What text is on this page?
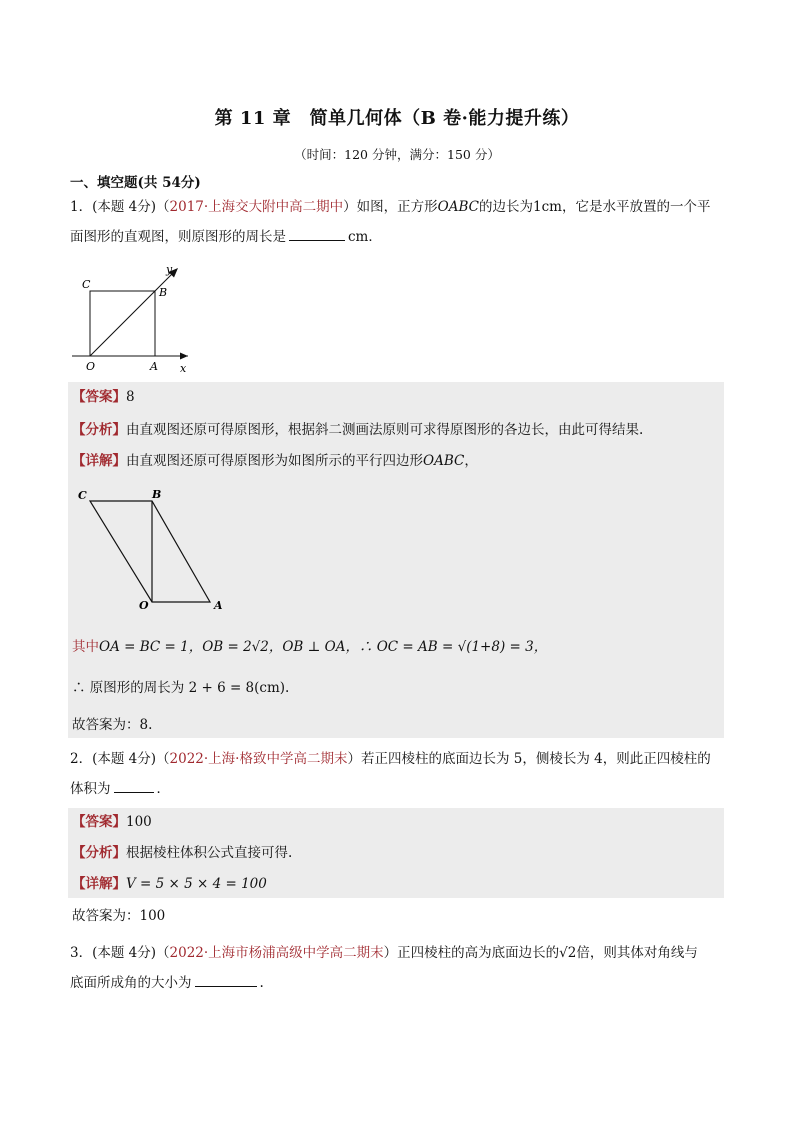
第 11 章　简单几何体（B 卷·能力提升练）
（时间：120 分钟，满分：150 分）
一、填空题(共 54分)
1．(本题 4分)（2017·上海交大附中高二期中）如图，正方形OABC的边长为1cm，它是水平放置的一个平
面图形的直观图，则原图形的周长是	cm．
C
B
O	A x
y
【答案】8
【分析】由直观图还原可得原图形，根据斜二测画法原则可求得原图形的各边长，由此可得结果.
【详解】由直观图还原可得原图形为如图所示的平行四边形OABC，
C	B
O	A
其中OA = BC = 1，OB = 2√2，OB ⊥ OA，∴ OC = AB = √(1+8) = 3，
∴ 原图形的周长为 2 + 6 = 8(cm).
故答案为：8.
2．(本题 4分)（2022·上海·格致中学高二期末）若正四棱柱的底面边长为 5，侧棱长为 4，则此正四棱柱的
体积为	．
【答案】100
【分析】根据棱柱体积公式直接可得.
【详解】V = 5 × 5 × 4 = 100
故答案为：100
3．(本题 4分)（2022·上海市杨浦高级中学高二期末）正四棱柱的高为底面边长的√2倍，则其体对角线与
底面所成角的大小为	.
